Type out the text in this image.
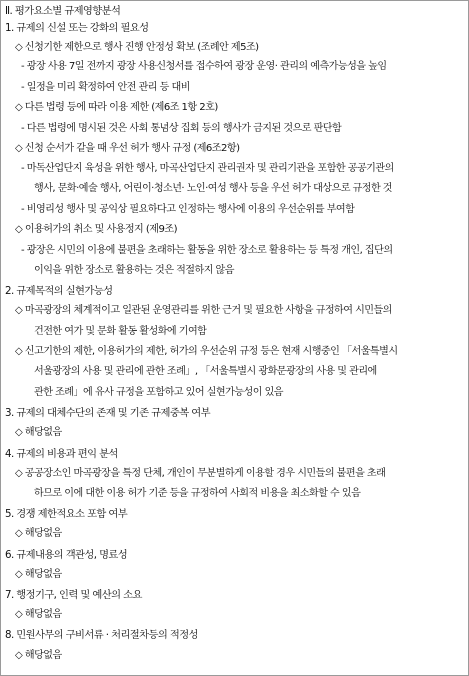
Ⅱ. 평가요소별 규제영향분석
1. 규제의 신설 또는 강화의 필요성
◇ 신청기한 제한으로 행사 진행 안정성 확보 (조례안 제5조)
- 광장 사용 7일 전까지 광장 사용신청서를 접수하여 광장 운영· 관리의 예측가능성을 높임
- 일정을 미리 확정하여 안전 관리 등 대비
◇ 다른 법령 등에 따라 이용 제한 (제6조 1항 2호)
- 다른 법령에 명시된 것은 사회 통념상 집회 등의 행사가 금지된 것으로 판단함
◇ 신청 순서가 같을 때 우선 허가 행사 규정 (제6조2항)
- 마독산업단지 육성을 위한 행사, 마곡산업단지 관리권자 및 관리기관을 포함한 공공기관의
행사, 문화·예술 행사, 어린이·청소년· 노인·여성 행사 등을 우선 허가 대상으로 규정한 것
- 비영리성 행사 및 공익상 필요하다고 인정하는 행사에 이용의 우선순위를 부여함
◇ 이용허가의 취소 및 사용정지 (제9조)
- 광장은 시민의 이용에 불편을 초래하는 활동을 위한 장소로 활용하는 등 특정 개인, 집단의
이익을 위한 장소로 활용하는 것은 적절하지 않음
2. 규제목적의 실현가능성
◇ 마곡광장의 체계적이고 일관된 운영관리를 위한 근거 및 필요한 사항을 규정하여 시민들의
건전한 여가 및 문화 활동 활성화에 기여함
◇ 신고기한의 제한, 이용허가의 제한, 허가의 우선순위 규정 등은 현재 시행중인 「서울특별시
서울광장의 사용 및 관리에 관한 조례」, 「서울특별시 광화문광장의 사용 및 관리에
관한 조례」에 유사 규정을 포함하고 있어 실현가능성이 있음
3. 규제의 대체수단의 존재 및 기존 규제중복 여부
◇ 해당없음
4. 규제의 비용과 편익 분석
◇ 공공장소인 마곡광장을 특정 단체, 개인이 무분별하게 이용할 경우 시민들의 불편을 초래
하므로 이에 대한 이용 허가 기준 등을 규정하여 사회적 비용을 최소화할 수 있음
5. 경쟁 제한적요소 포함 여부
◇ 해당없음
6. 규제내용의 객관성, 명료성
◇ 해당없음
7. 행정기구, 인력 및 예산의 소요
◇ 해당없음
8. 민원사무의 구비서류 · 처리절차등의 적정성
◇ 해당없음
